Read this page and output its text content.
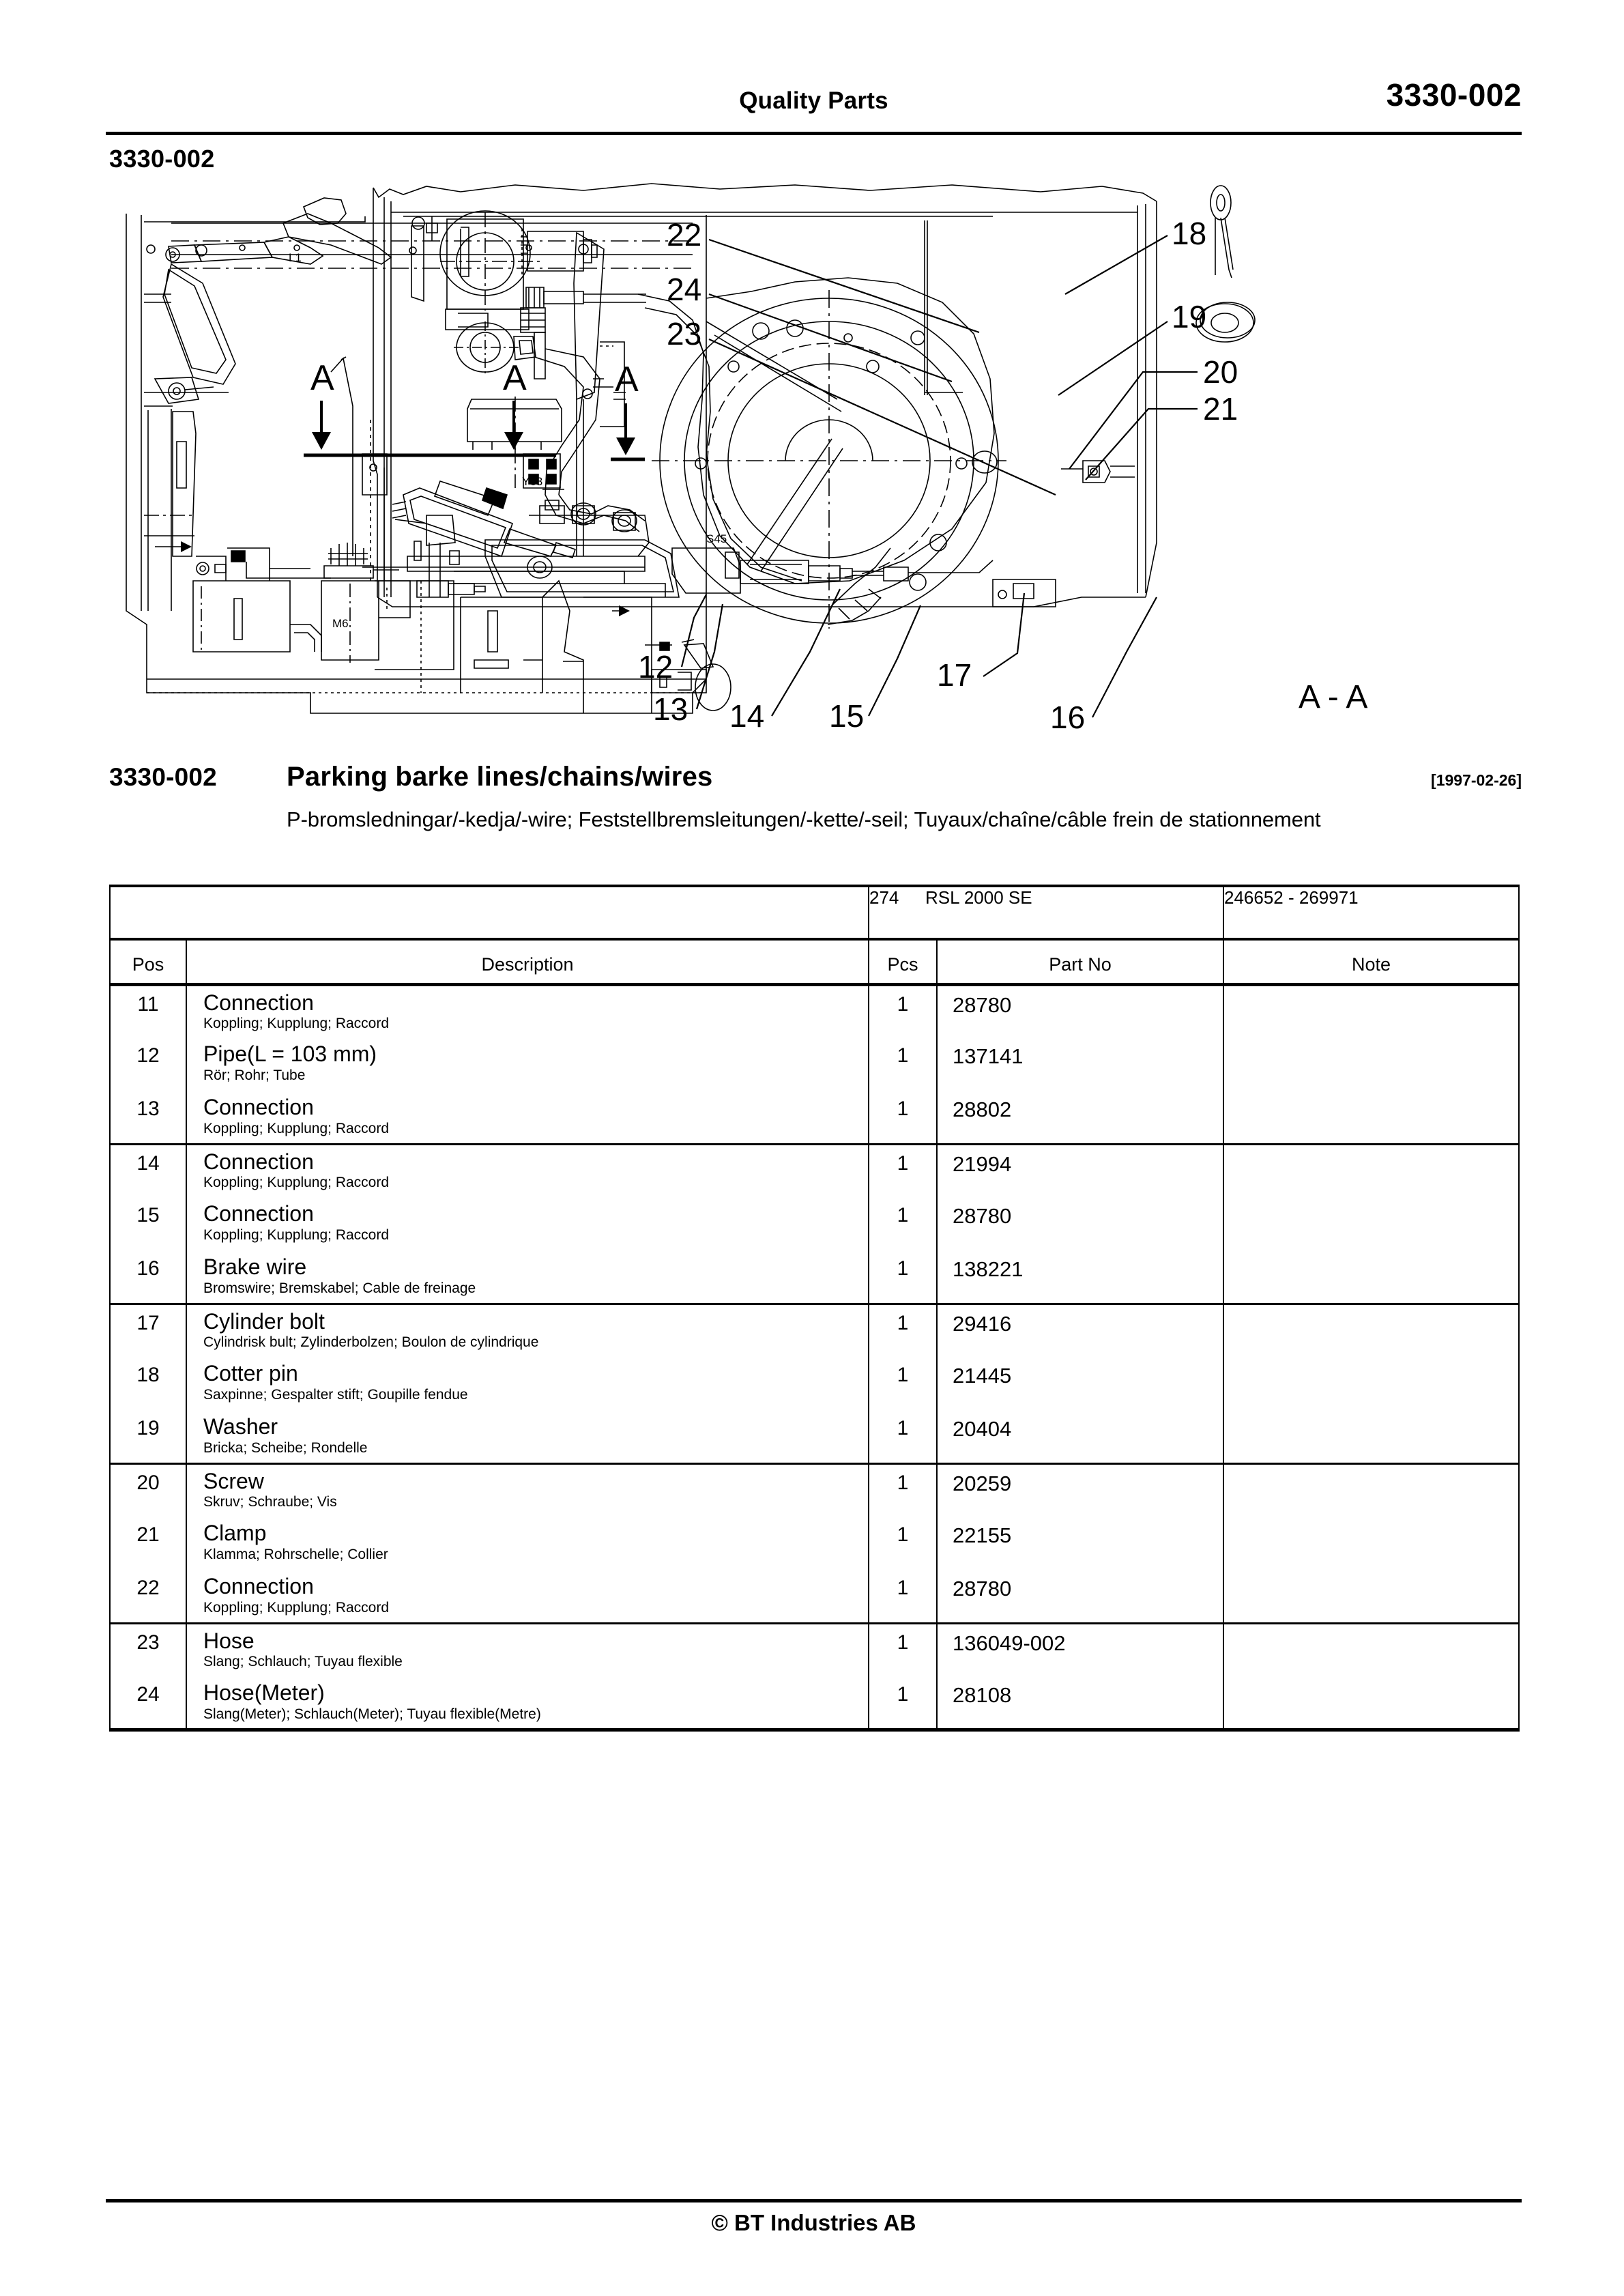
Quality Parts	3330-002
3330-002
L1
M6
A	A
Y63
S45
22
24
23
A
18
19
20
21
12
13 14 15
17
16
A - A
3330-002	Parking barke lines/chains/wires	[1997-02-26]
P-bromsledningar/-kedja/-wire; Feststellbremsleitungen/-kette/-seil; Tuyaux/chaîne/câble frein de stationnement
		274 RSL 2000 SE		246652 - 269971
Pos	Description	Pcs	Part No	Note
11	Connection
Koppling; Kupplung; Raccord	1	28780	
12	Pipe(L = 103 mm)
Rör; Rohr; Tube	1	137141	
13	Connection
Koppling; Kupplung; Raccord	1	28802	
14	Connection
Koppling; Kupplung; Raccord	1	21994	
15	Connection
Koppling; Kupplung; Raccord	1	28780	
16	Brake wire
Bromswire; Bremskabel; Cable de freinage	1	138221	
17	Cylinder bolt
Cylindrisk bult; Zylinderbolzen; Boulon de cylindrique	1	29416	
18	Cotter pin
Saxpinne; Gespalter stift; Goupille fendue	1	21445	
19	Washer
Bricka; Scheibe; Rondelle	1	20404	
20	Screw
Skruv; Schraube; Vis	1	20259	
21	Clamp
Klamma; Rohrschelle; Collier	1	22155	
22	Connection
Koppling; Kupplung; Raccord	1	28780	
23	Hose
Slang; Schlauch; Tuyau flexible	1	136049-002	
24	Hose(Meter)
Slang(Meter); Schlauch(Meter); Tuyau flexible(Metre)	1	28108	
© BT Industries AB
